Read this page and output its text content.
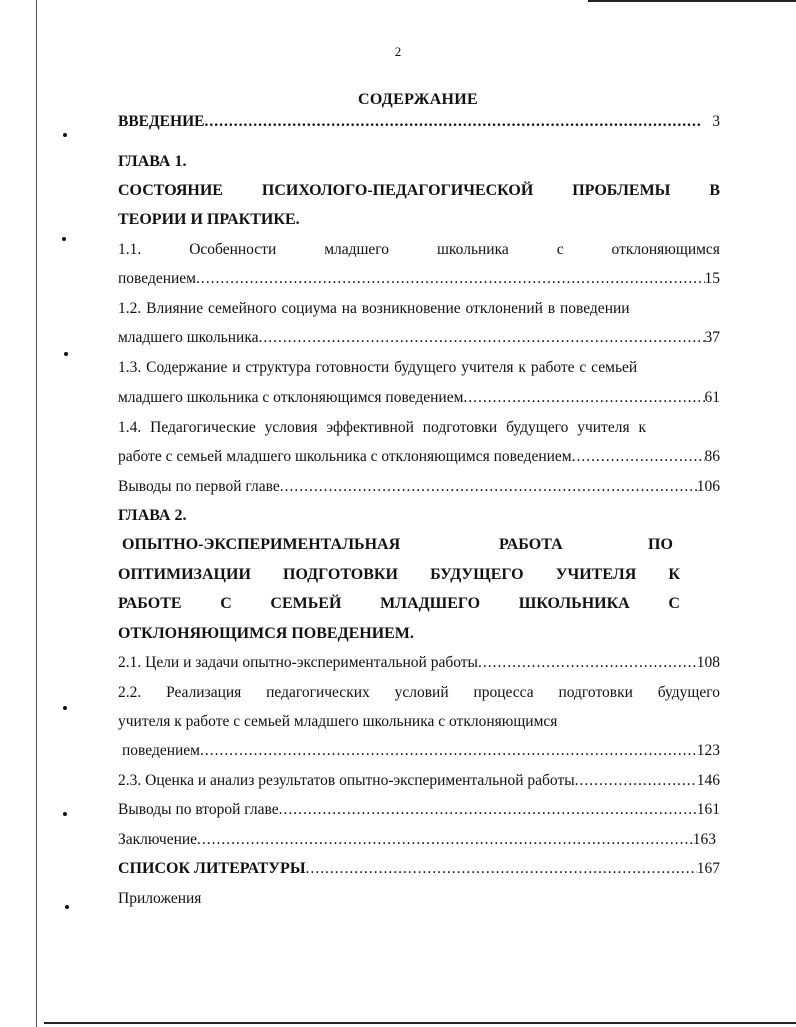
2
СОДЕРЖАНИЕ
ВВЕДЕНИЕ .....	3
ГЛАВА 1.
СОСТОЯНИЕ ПСИХОЛОГО-ПЕДАГОГИЧЕСКОЙ ПРОБЛЕМЫ В
ТЕОРИИ И ПРАКТИКЕ.
1.1.	Особенности	младшего	школьника	с	отклоняющимся
поведением .....	15
1.2. Влияние семейного социума на возникновение отклонений в поведении
младшего школьника .....	37
1.3. Содержание и структура готовности будущего учителя к работе с семьей
младшего школьника с отклоняющимся поведением .....	61
1.4. Педагогические условия эффективной подготовки будущего учителя к
работе с семьей младшего школьника с отклоняющимся поведением .....	86
Выводы по первой главе .....	106
ГЛАВА 2.
ОПЫТНО-ЭКСПЕРИМЕНТАЛЬНАЯ	РАБОТА	ПО
ОПТИМИЗАЦИИ ПОДГОТОВКИ БУДУЩЕГО УЧИТЕЛЯ К
РАБОТЕ С СЕМЬЕЙ МЛАДШЕГО ШКОЛЬНИКА С
ОТКЛОНЯЮЩИМСЯ ПОВЕДЕНИЕМ.
2.1. Цели и задачи опытно-экспериментальной работы .....	108
2.2. Реализация педагогических условий процесса подготовки будущего
учителя к работе с семьей младшего школьника с отклоняющимся
поведением .....	123
2.3. Оценка и анализ результатов опытно-экспериментальной работы .....	146
Выводы по второй главе .....	161
Заключение .....	163
СПИСОК ЛИТЕРАТУРЫ .....	167
Приложения
